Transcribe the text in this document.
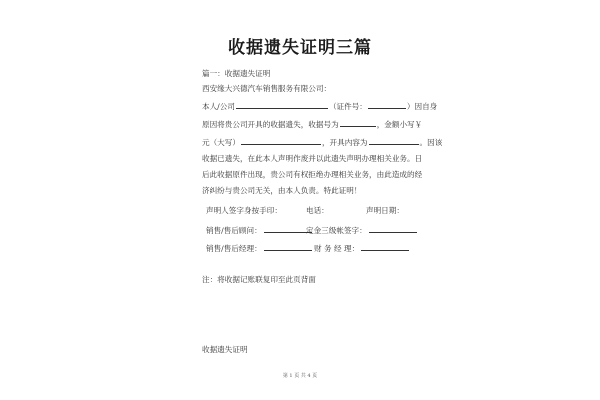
收据遗失证明三篇
篇一：收据遗失证明
西安缘大兴德汽车销售服务有限公司：
本人/公司	（证件号：	）因自身
原因将贵公司开具的收据遗失，收据号为	，金额小写￥
元（大写）	，开具内容为	。因该
收据已遗失，在此本人声明作废并以此遗失声明办理相关业务。日
后此收据原件出现，贵公司有权拒绝办理相关业务，由此造成的经
济纠纷与贵公司无关，由本人负责。特此证明！
声明人签字身按手印：	电话：	声明日期：
销售/售后顾问：	定金三级帐签字：
销售/售后经理：	财 务 经 理：
注：将收据记账联复印至此页背面
收据遗失证明
第 1 页 共 4 页
